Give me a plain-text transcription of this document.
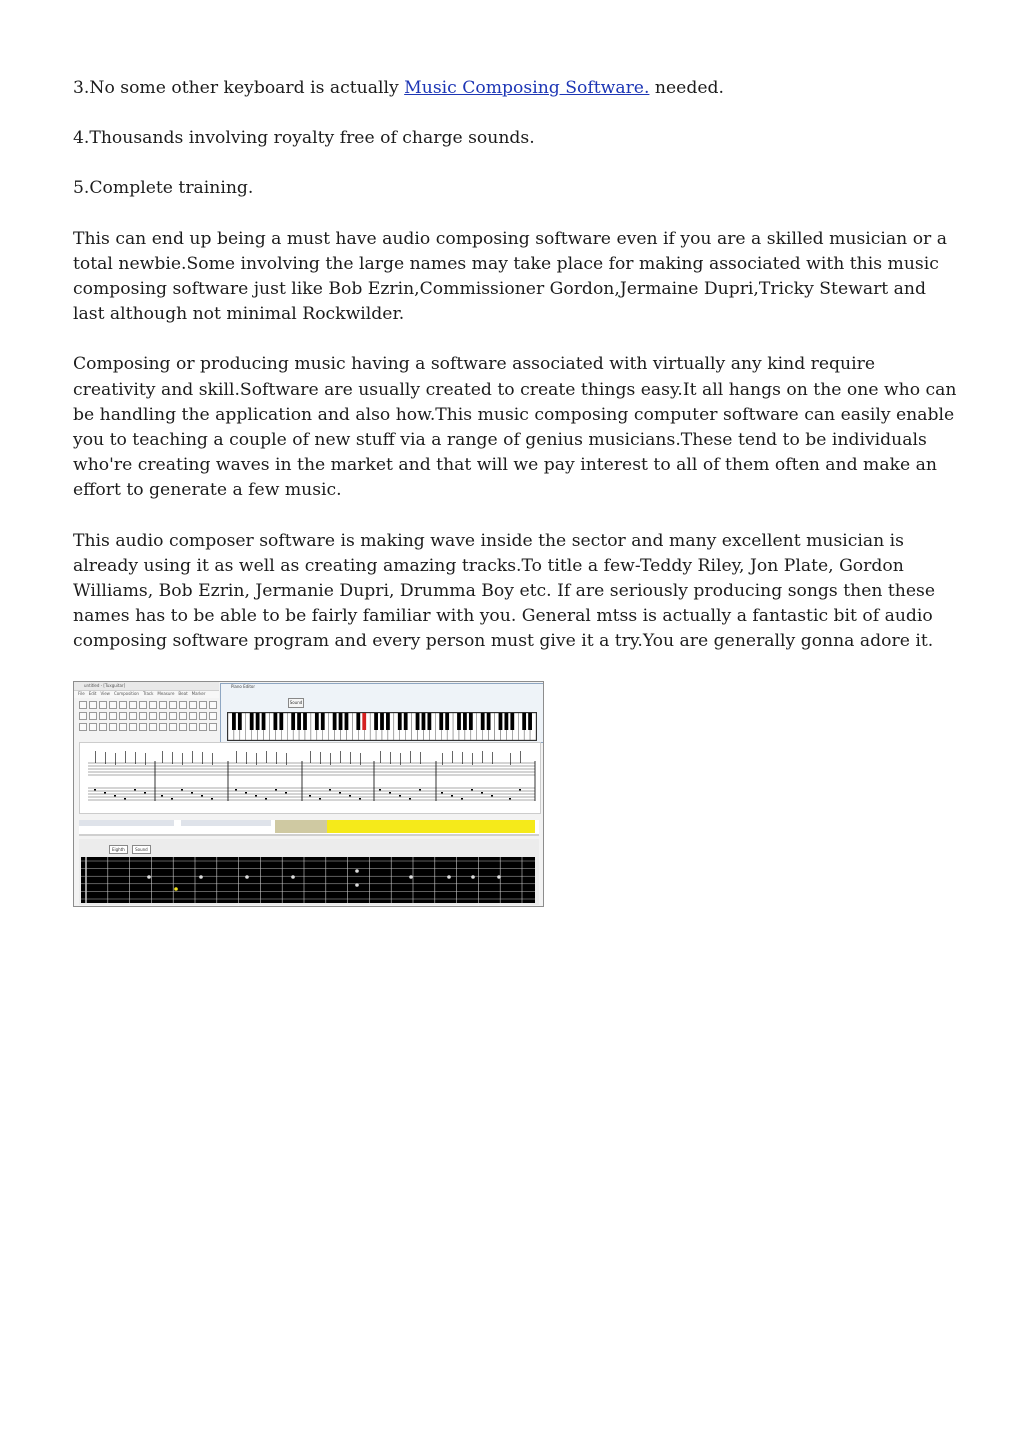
3.No some other keyboard is actually Music Composing Software. needed.

4.Thousands involving royalty free of charge sounds.

5.Complete training.

This can end up being a must have audio composing software even if you are a skilled musician or a total newbie.Some involving the large names may take place for making associated with this music composing software just like Bob Ezrin,Commissioner Gordon,Jermaine Dupri,Tricky Stewart and last although not minimal Rockwilder.

Composing or producing music having a software associated with virtually any kind require creativity and skill.Software are usually created to create things easy.It all hangs on the one who can be handling the application and also how.This music composing computer software can easily enable you to teaching a couple of new stuff via a range of genius musicians.These tend to be individuals who're creating waves in the market and that will we pay interest to all of them often and make an effort to generate a few music.

This audio composer software is making wave inside the sector and many excellent musician is already using it as well as creating amazing tracks.To title a few-Teddy Riley, Jon Plate, Gordon Williams, Bob Ezrin, Jermanie Dupri, Drumma Boy etc. If are seriously producing songs then these names has to be able to be fairly familiar with you. General mtss is actually a fantastic bit of audio composing software program and every person must give it a try.You are generally gonna adore it.

untitled - [Tuxguitar]
File Edit View Composition Track Measure Beat Marker
Piano Editor
Sound
Eighth	Sound
